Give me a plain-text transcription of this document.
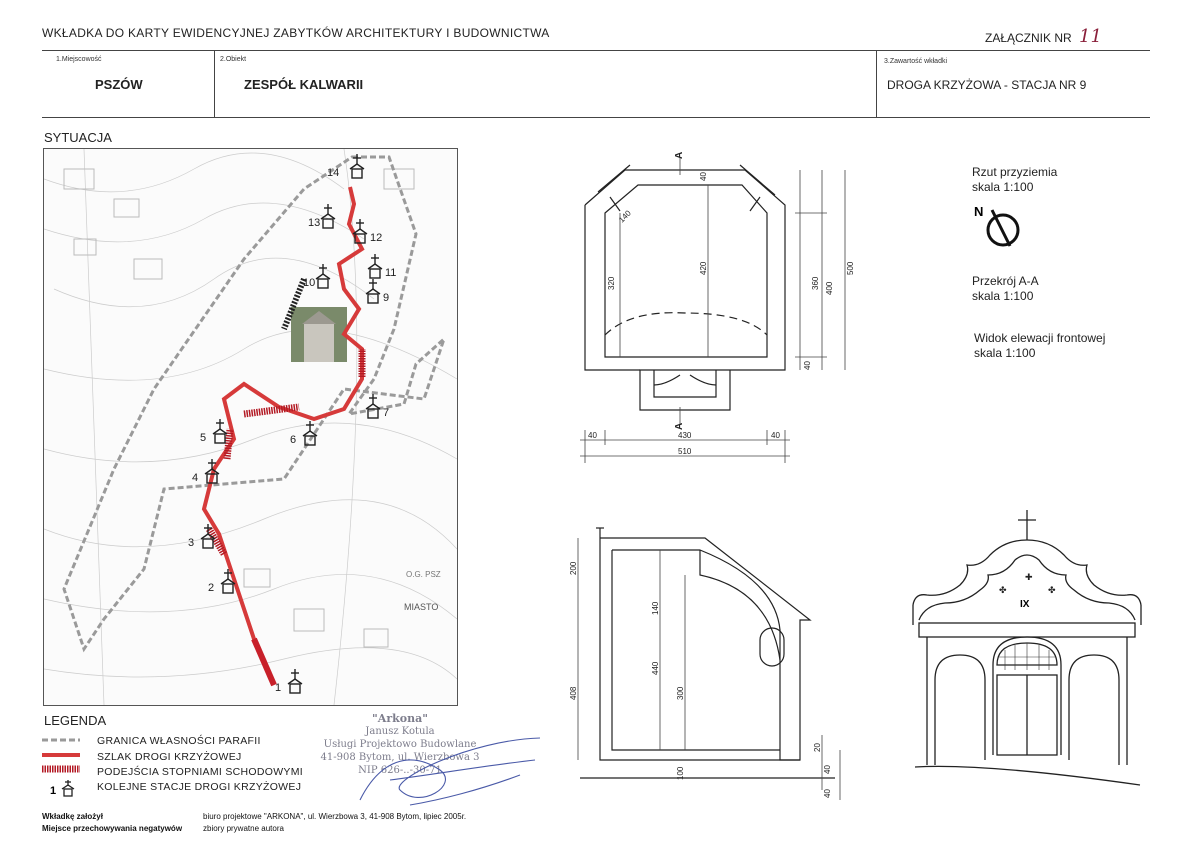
WKŁADKA DO KARTY EWIDENCYJNEJ ZABYTKÓW ARCHITEKTURY I BUDOWNICTWA	ZAŁĄCZNIK NR 11
1.Miejscowość
PSZÓW
2.Obiekt
ZESPÓŁ KALWARII
3.Zawartość wkładki
DROGA KRZYŻOWA - STACJA NR 9
SYTUACJA
MIASTO
O.G. PSZ
1
2
3
4
5	6
7
9
10
11
12
13
14
LEGENDA
1
GRANICA WŁASNOŚCI PARAFII
SZLAK DROGI KRZYŻOWEJ
PODEJŚCIA STOPNIAMI SCHODOWYMI
KOLEJNE STACJE DROGI KRZYŻOWEJ
"Arkona"
Janusz Kotula
Usługi Projektowo Budowlane
41-908 Bytom, ul. Wierzbowa 3
NIP 626-..-30-71
Wkładkę założył
Miejsce przechowywania negatywów
biuro projektowe "ARKONA", ul. Wierzbowa 3, 41-908 Bytom, lipiec 2005r.
zbiory prywatne autora
Rzut przyziemia
skala 1:100
N
Przekrój A-A
skala 1:100
Widok elewacji frontowej
skala 1:100
140
40
320
420
40
360 400
500
40	430	40
510
A
A
200
408
140
440
300
100
20
40
40
IX
✚
✤	✤
